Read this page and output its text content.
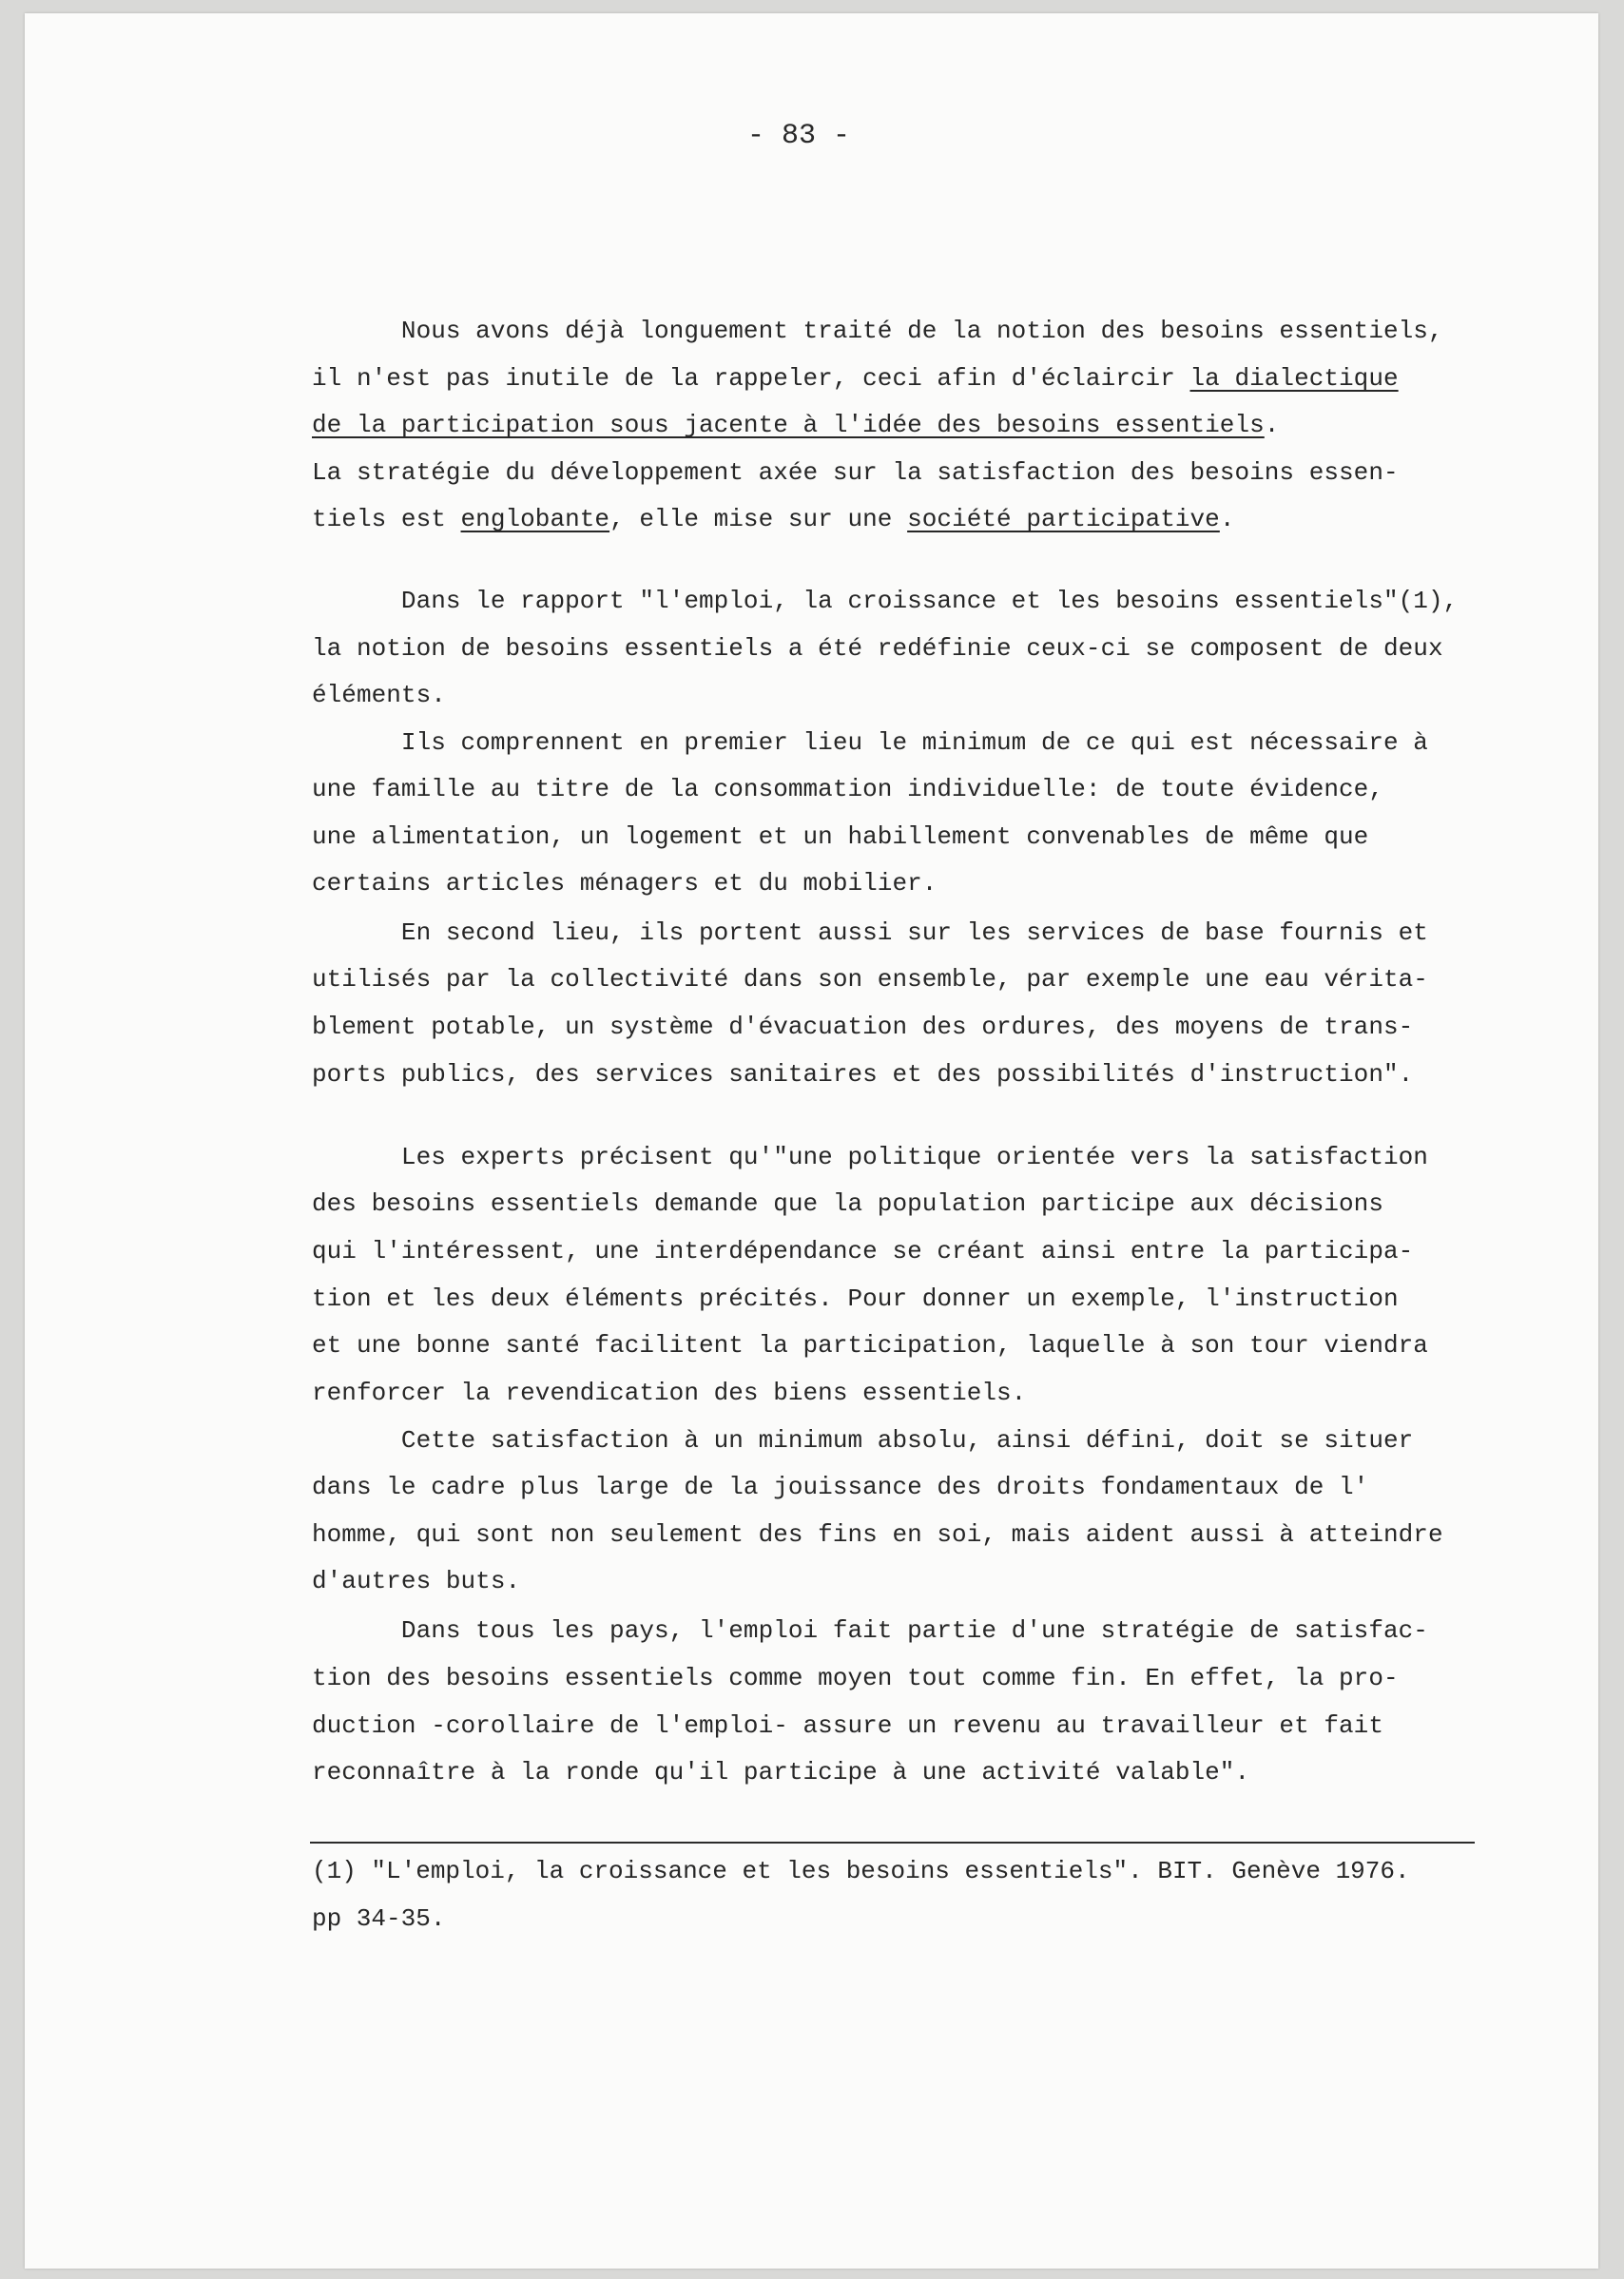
- 83 -
Nous avons déjà longuement traité de la notion des besoins essentiels,
il n'est pas inutile de la rappeler, ceci afin d'éclaircir la dialectique
de la participation sous jacente à l'idée des besoins essentiels.
La stratégie du développement axée sur la satisfaction des besoins essen-
tiels est englobante, elle mise sur une société participative.
Dans le rapport "l'emploi, la croissance et les besoins essentiels"(1),
la notion de besoins essentiels a été redéfinie ceux-ci se composent de deux
éléments.
Ils comprennent en premier lieu le minimum de ce qui est nécessaire à
une famille au titre de la consommation individuelle: de toute évidence,
une alimentation, un logement et un habillement convenables de même que
certains articles ménagers et du mobilier.
En second lieu, ils portent aussi sur les services de base fournis et
utilisés par la collectivité dans son ensemble, par exemple une eau vérita-
blement potable, un système d'évacuation des ordures, des moyens de trans-
ports publics, des services sanitaires et des possibilités d'instruction".
Les experts précisent qu'"une politique orientée vers la satisfaction
des besoins essentiels demande que la population participe aux décisions
qui l'intéressent, une interdépendance se créant ainsi entre la participa-
tion et les deux éléments précités. Pour donner un exemple, l'instruction
et une bonne santé facilitent la participation, laquelle à son tour viendra
renforcer la revendication des biens essentiels.
Cette satisfaction à un minimum absolu, ainsi défini, doit se situer
dans le cadre plus large de la jouissance des droits fondamentaux de l'
homme, qui sont non seulement des fins en soi, mais aident aussi à atteindre
d'autres buts.
Dans tous les pays, l'emploi fait partie d'une stratégie de satisfac-
tion des besoins essentiels comme moyen tout comme fin. En effet, la pro-
duction -corollaire de l'emploi- assure un revenu au travailleur et fait
reconnaître à la ronde qu'il participe à une activité valable".
(1) "L'emploi, la croissance et les besoins essentiels". BIT. Genève 1976.
pp 34-35.
